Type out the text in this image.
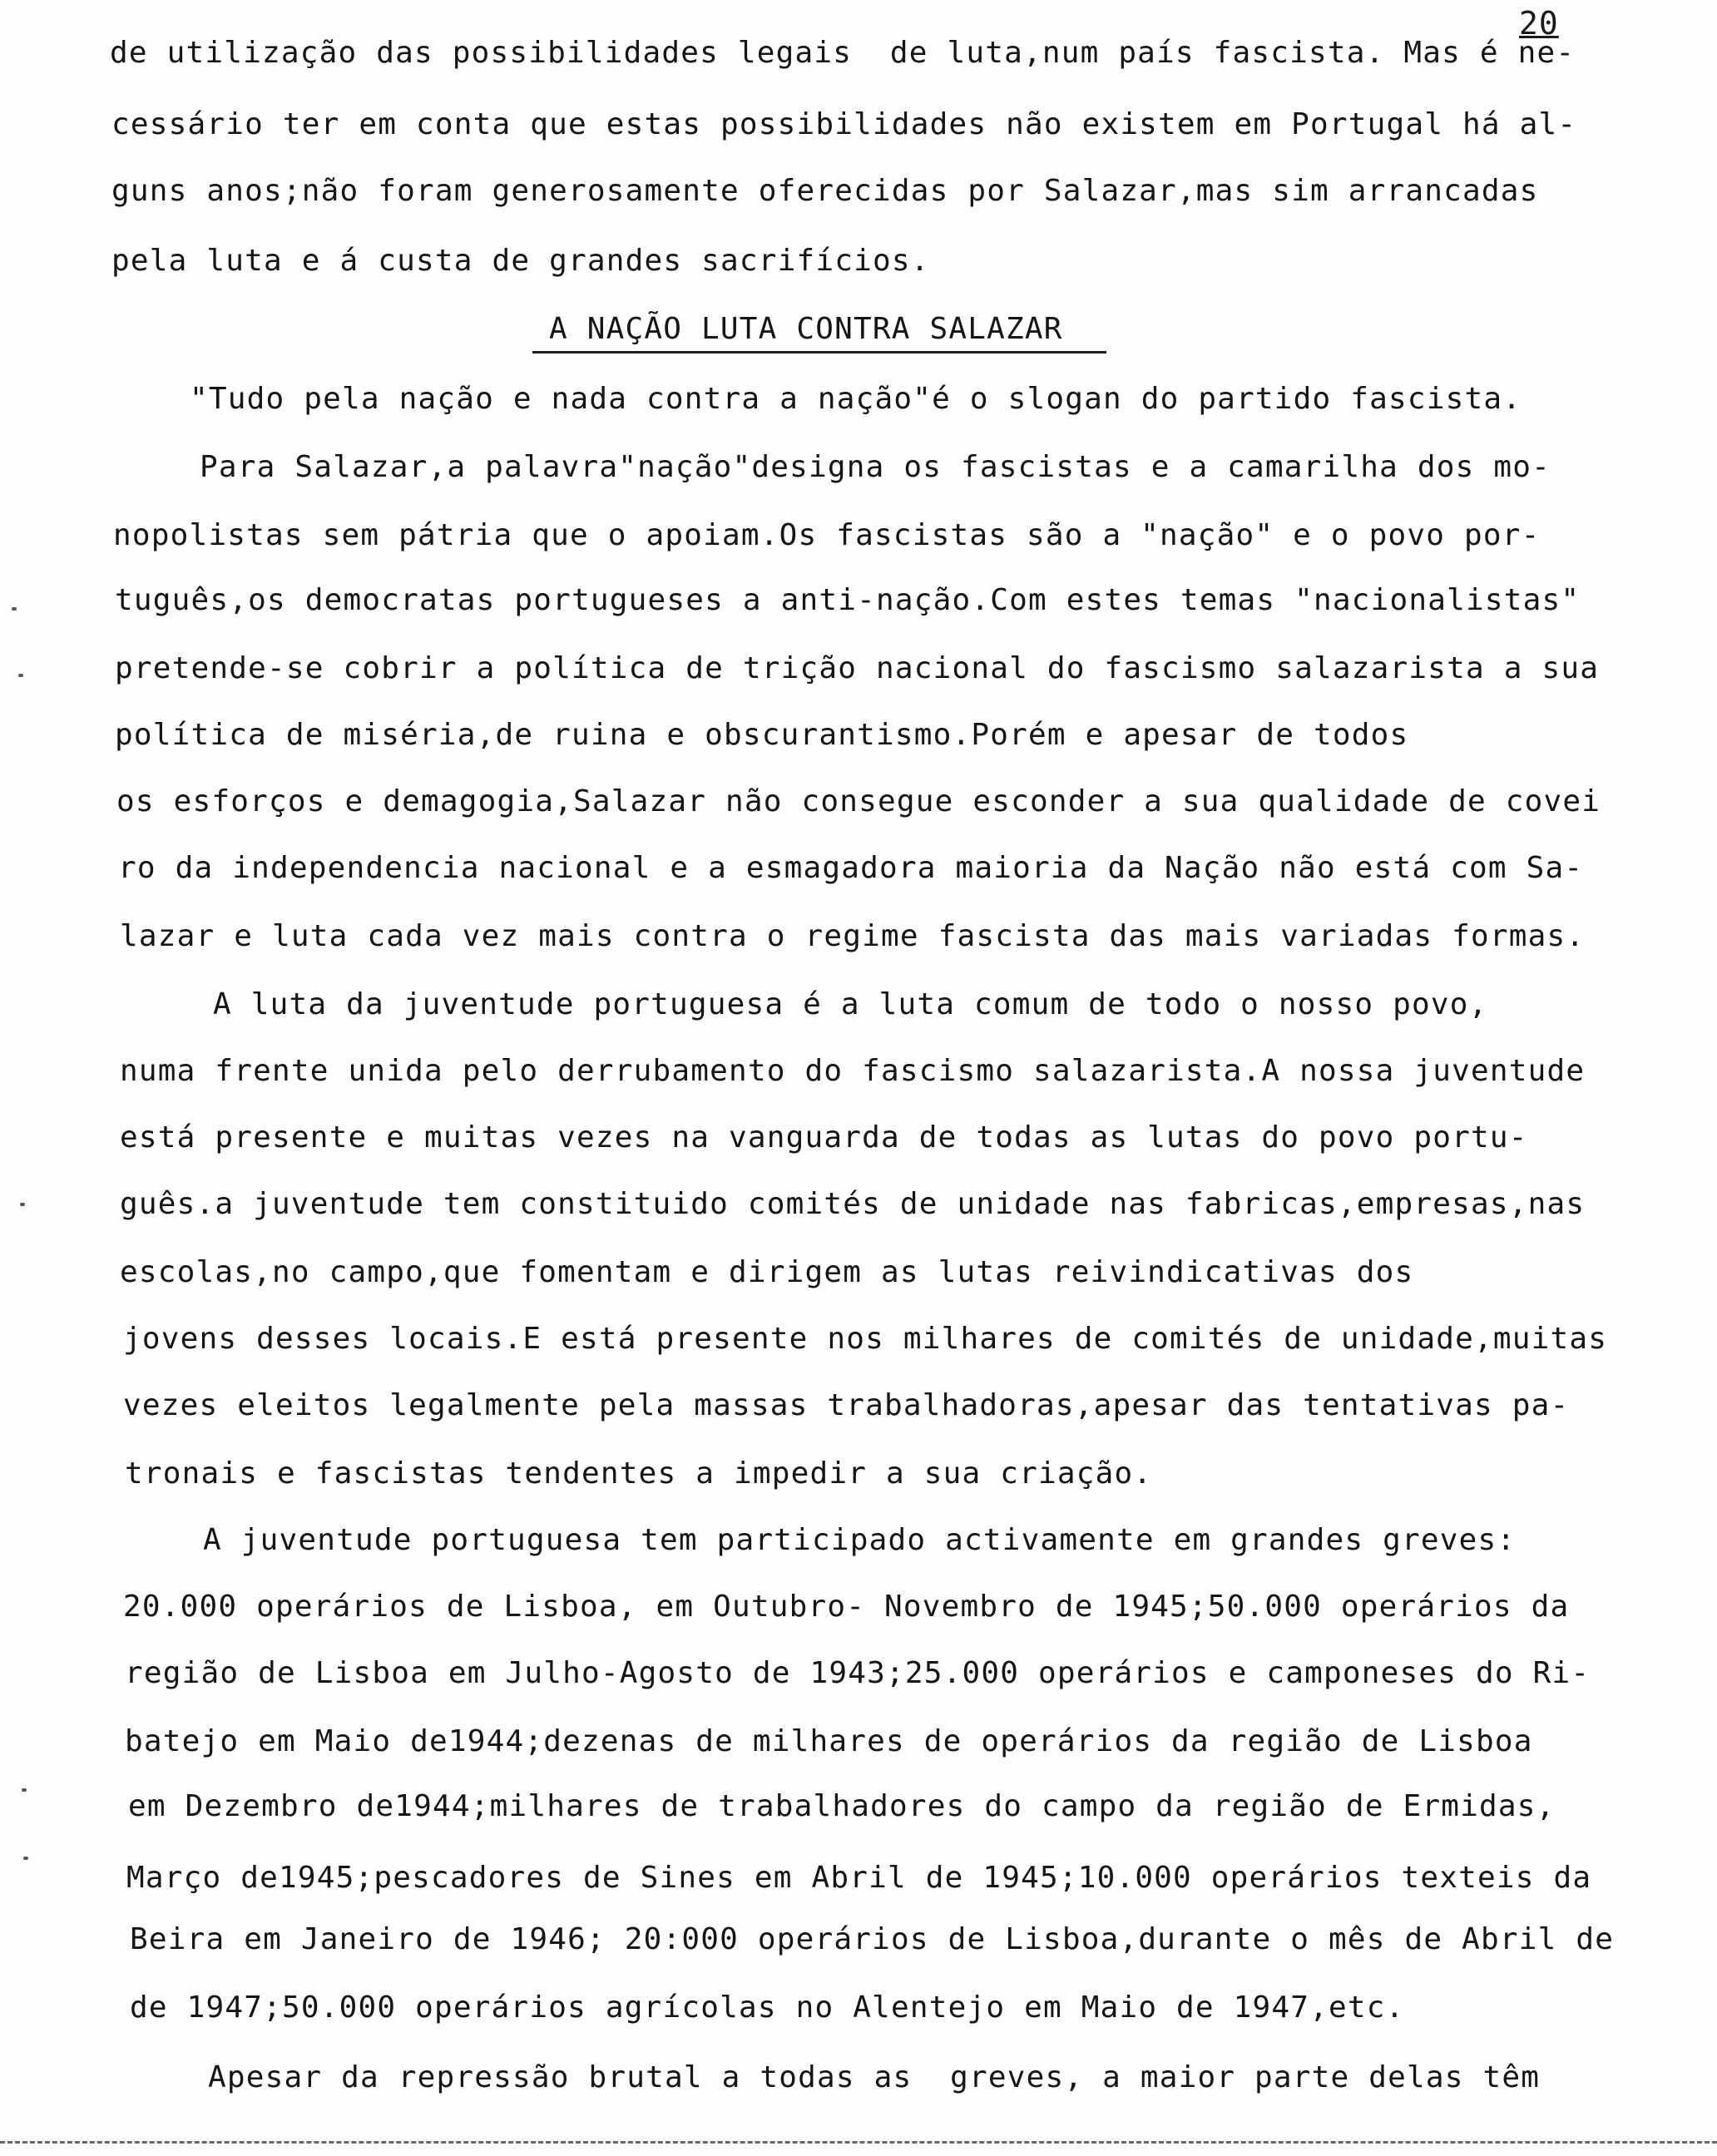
20
de utilização das possibilidades legais  de luta,num país fascista. Mas é ne-
cessário ter em conta que estas possibilidades não existem em Portugal há al-
guns anos;não foram generosamente oferecidas por Salazar,mas sim arrancadas
pela luta e á custa de grandes sacrifícios.
A NAÇÃO LUTA CONTRA SALAZAR
"Tudo pela nação e nada contra a nação"é o slogan do partido fascista.
Para Salazar,a palavra"nação"designa os fascistas e a camarilha dos mo-
nopolistas sem pátria que o apoiam.Os fascistas são a "nação" e o povo por-
tuguês,os democratas portugueses a anti-nação.Com estes temas "nacionalistas"
pretende-se cobrir a política de trição nacional do fascismo salazarista a sua
política de miséria,de ruina e obscurantismo.Porém e apesar de todos
os esforços e demagogia,Salazar não consegue esconder a sua qualidade de covei
ro da independencia nacional e a esmagadora maioria da Nação não está com Sa-
lazar e luta cada vez mais contra o regime fascista das mais variadas formas.
A luta da juventude portuguesa é a luta comum de todo o nosso povo,
numa frente unida pelo derrubamento do fascismo salazarista.A nossa juventude
está presente e muitas vezes na vanguarda de todas as lutas do povo portu-
guês.a juventude tem constituido comités de unidade nas fabricas,empresas,nas
escolas,no campo,que fomentam e dirigem as lutas reivindicativas dos
jovens desses locais.E está presente nos milhares de comités de unidade,muitas
vezes eleitos legalmente pela massas trabalhadoras,apesar das tentativas pa-
tronais e fascistas tendentes a impedir a sua criação.
A juventude portuguesa tem participado activamente em grandes greves:
20.000 operários de Lisboa, em Outubro- Novembro de 1945;50.000 operários da
região de Lisboa em Julho-Agosto de 1943;25.000 operários e camponeses do Ri-
batejo em Maio de1944;dezenas de milhares de operários da região de Lisboa
em Dezembro de1944;milhares de trabalhadores do campo da região de Ermidas,
Março de1945;pescadores de Sines em Abril de 1945;10.000 operários texteis da
Beira em Janeiro de 1946; 20:000 operários de Lisboa,durante o mês de Abril de
de 1947;50.000 operários agrícolas no Alentejo em Maio de 1947,etc.
Apesar da repressão brutal a todas as  greves, a maior parte delas têm
